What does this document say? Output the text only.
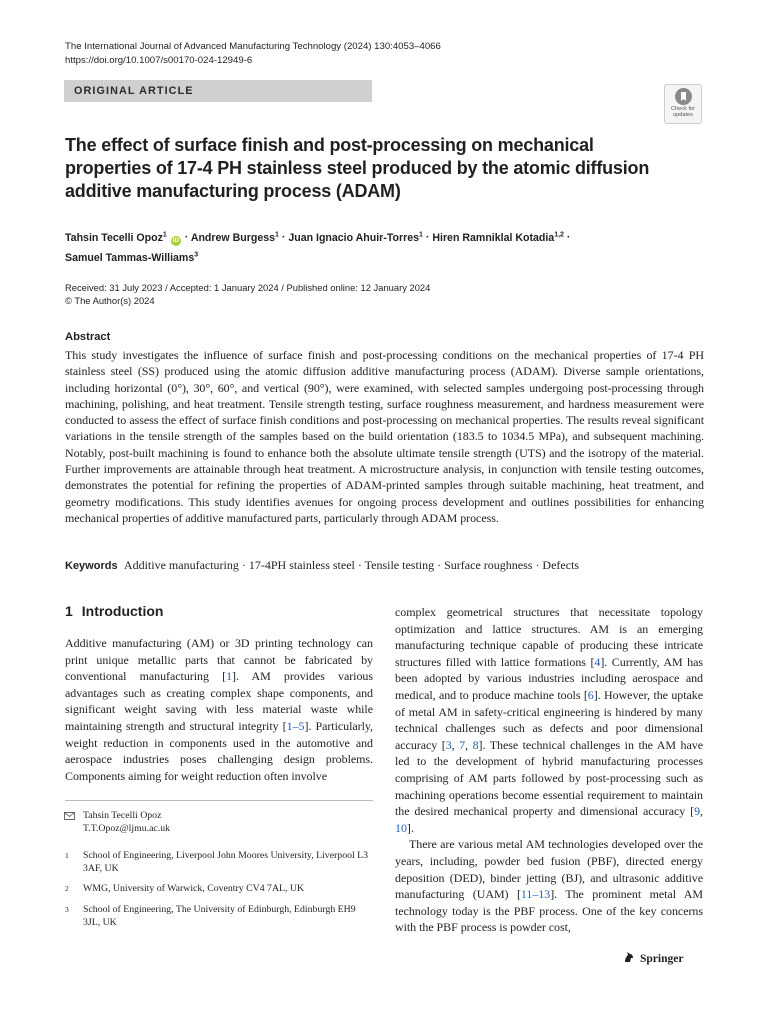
The International Journal of Advanced Manufacturing Technology (2024) 130:4053–4066
https://doi.org/10.1007/s00170-024-12949-6
ORIGINAL ARTICLE
Check for
updates
The effect of surface finish and post-processing on mechanical properties of 17-4 PH stainless steel produced by the atomic diffusion additive manufacturing process (ADAM)
Tahsin Tecelli Opoz$^1$ iD · Andrew Burgess$^1$ · Juan Ignacio Ahuir-Torres$^1$ · Hiren Ramniklal Kotadia$^{1,2}$ ·
Samuel Tammas-Williams$^3$
Received: 31 July 2023 / Accepted: 1 January 2024 / Published online: 12 January 2024
© The Author(s) 2024
Abstract
This study investigates the influence of surface finish and post-processing conditions on the mechanical properties of 17-4 PH stainless steel (SS) produced using the atomic diffusion additive manufacturing process (ADAM). Diverse sample orientations, including horizontal (0°), 30°, 60°, and vertical (90°), were examined, with selected samples undergoing post-processing through machining, polishing, and heat treatment. Tensile strength testing, surface roughness measurement, and hardness measurement were conducted to assess the effect of surface finish conditions and post-processing on mechanical properties. The results reveal significant variations in the tensile strength of the samples based on the build orientation (183.5 to 1034.5 MPa), and subsequent machining. Notably, post-built machining is found to enhance both the absolute ultimate tensile strength (UTS) and the isotropy of the material. Further improvements are attainable through heat treatment. A microstructure analysis, in conjunction with tensile testing outcomes, demonstrates the potential for refining the properties of ADAM-printed samples through suitable machining, heat treatment, and geometry modifications. This study identifies avenues for ongoing process development and outlines possibilities for enhancing mechanical properties of additive manufactured parts, particularly through ADAM process.
Keywords Additive manufacturing · 17-4PH stainless steel · Tensile testing · Surface roughness · Defects
1 Introduction

Additive manufacturing (AM) or 3D printing technology can print unique metallic parts that cannot be fabricated by conventional manufacturing [1]. AM provides various advantages such as creating complex shape components, and significant weight saving with less material waste while maintaining strength and structural integrity [1–5]. Particularly, weight reduction in components used in the automotive and aerospace industries poses challenging design problems. Components aiming for weight reduction often involve

Tahsin Tecelli Opoz
T.T.Opoz@ljmu.ac.uk
1 School of Engineering, Liverpool John Moores University, Liverpool L3 3AF, UK
2 WMG, University of Warwick, Coventry CV4 7AL, UK
3 School of Engineering, The University of Edinburgh, Edinburgh EH9 3JL, UK

complex geometrical structures that necessitate topology optimization and lattice structures. AM is an emerging manufacturing technique capable of producing these intricate structures filled with lattice formations [4]. Currently, AM has been adopted by various industries including aerospace and medical, and to produce machine tools [6]. However, the uptake of metal AM in safety-critical engineering is hindered by many technical challenges such as defects and poor dimensional accuracy [3, 7, 8]. These technical challenges in the AM have led to the development of hybrid manufacturing processes comprising of AM parts followed by post-processing such as machining operations become essential requirement to maintain the desired mechanical property and dimensional accuracy [9, 10].

There are various metal AM technologies developed over the years, including, powder bed fusion (PBF), directed energy deposition (DED), binder jetting (BJ), and ultrasonic additive manufacturing (UAM) [11–13]. The prominent metal AM technology today is the PBF process. One of the key concerns with the PBF process is powder cost,

Springer
